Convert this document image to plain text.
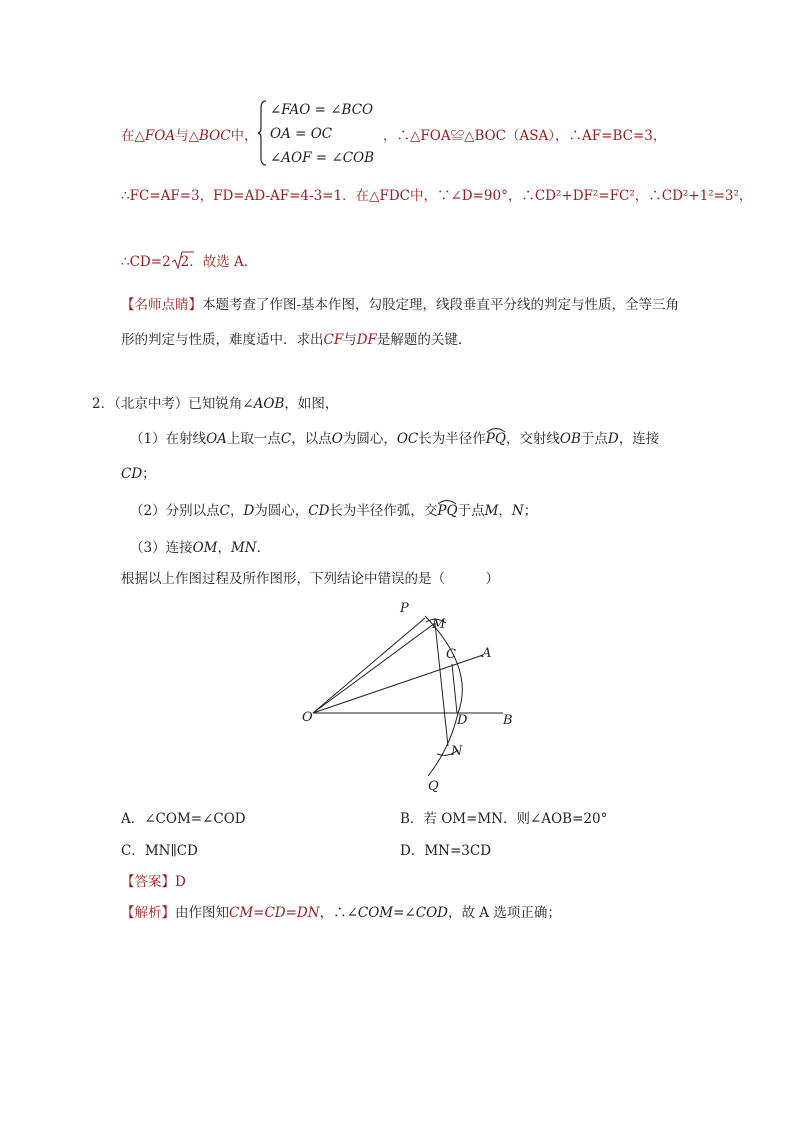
在△FOA与△BOC中，
∠FAO = ∠BCO
OA = OC
∠AOF = ∠COB
，∴△FOA≌△BOC（ASA），∴AF=BC=3，
∴FC=AF=3，FD=AD-AF=4-3=1．在△FDC中，∵∠D=90°，∴CD²+DF²=FC²，∴CD²+1²=3²，
∴CD=2 2．故选 A．
【名师点睛】本题考查了作图-基本作图，勾股定理，线段垂直平分线的判定与性质，全等三角
形的判定与性质，难度适中．求出CF与DF是解题的关键．
2．（北京中考）已知锐角∠AOB，如图，
（1）在射线OA上取一点C，以点O为圆心，OC长为半径作
PQ，交射线OB于点D，连接
CD；
（2）分别以点C，D为圆心，CD长为半径作弧，交
PQ于点M，N；
（3）连接OM，MN．
根据以上作图过程及所作图形，下列结论中错误的是（　　　）
P
M
C A
O	D	B
N
Q
A．∠COM=∠COD	B．若 OM=MN．则∠AOB=20°
C．MN∥CD	D．MN=3CD
【答案】D
【解析】由作图知CM=CD=DN，∴∠COM=∠COD，故 A 选项正确；
